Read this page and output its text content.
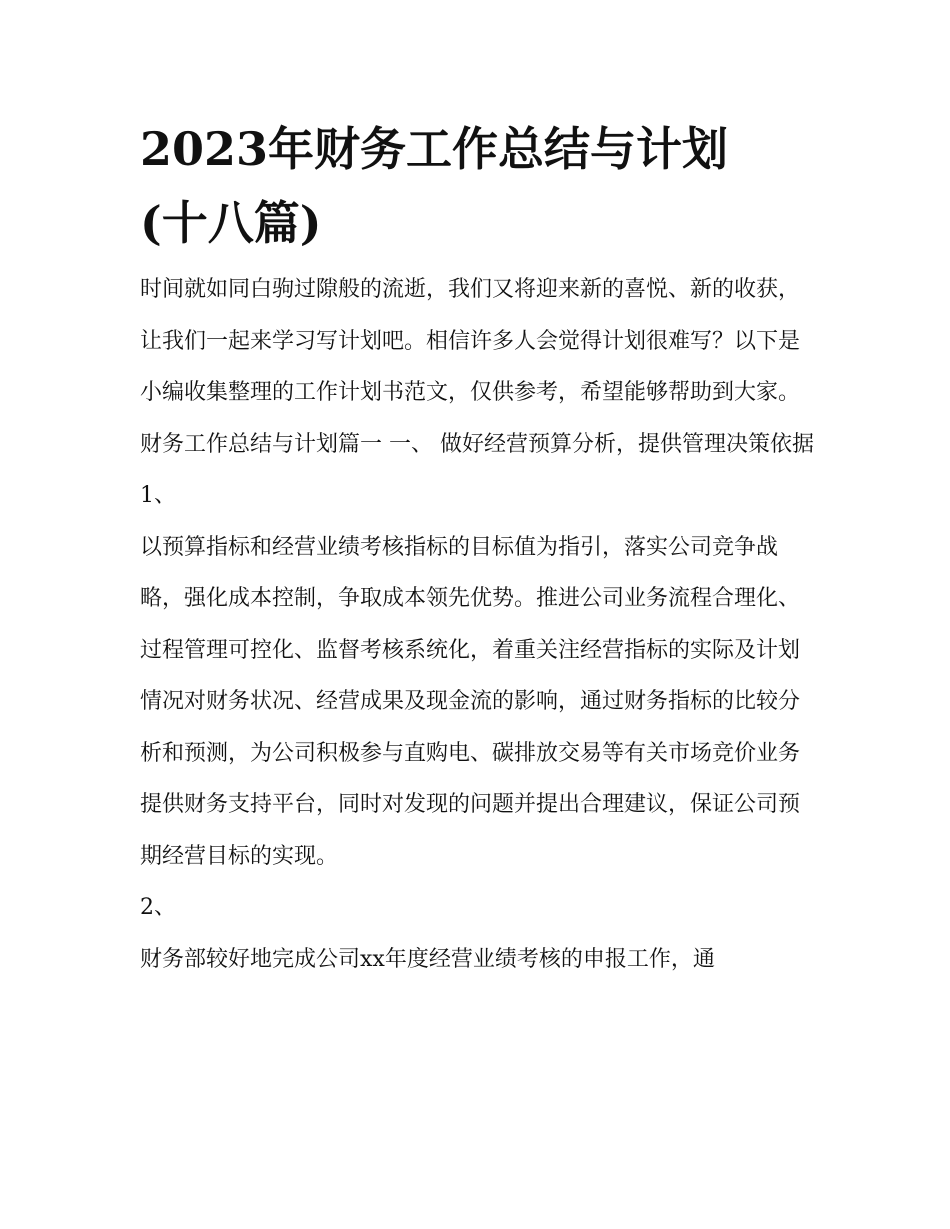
2023年财务工作总结与计划
(十八篇)

时间就如同白驹过隙般的流逝，我们又将迎来新的喜悦、新的收获，让我们一起来学习写计划吧。相信许多人会觉得计划很难写？以下是小编收集整理的工作计划书范文，仅供参考，希望能够帮助到大家。

财务工作总结与计划篇一 一、 做好经营预算分析，提供管理决策依据 1、

以预算指标和经营业绩考核指标的目标值为指引，落实公司竞争战略，强化成本控制，争取成本领先优势。推进公司业务流程合理化、过程管理可控化、监督考核系统化，着重关注经营指标的实际及计划情况对财务状况、经营成果及现金流的影响，通过财务指标的比较分析和预测，为公司积极参与直购电、碳排放交易等有关市场竞价业务提供财务支持平台，同时对发现的问题并提出合理建议，保证公司预期经营目标的实现。

2、

财务部较好地完成公司xx年度经营业绩考核的申报工作，通
